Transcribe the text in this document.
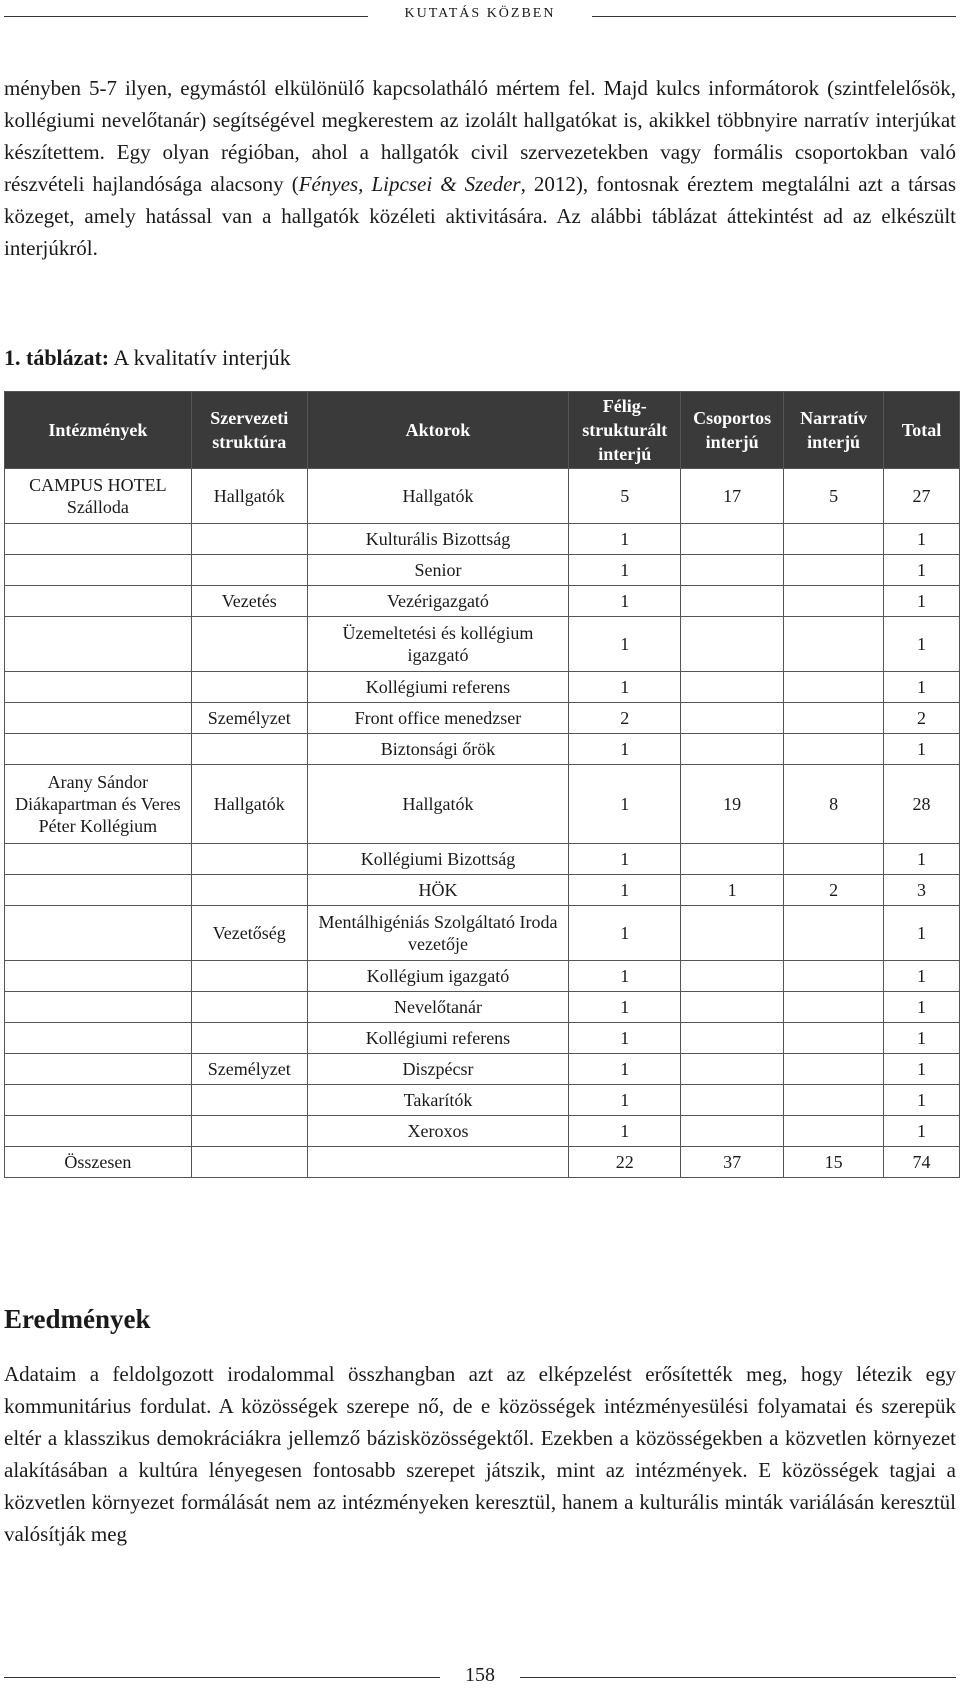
KUTATÁS KÖZBEN

ményben 5-7 ilyen, egymástól elkülönülő kapcsolatháló mértem fel. Majd kulcs informátorok (szintfelelősök, kollégiumi nevelőtanár) segítségével megkerestem az izolált hallgatókat is, akikkel többnyire narratív interjúkat készítettem. Egy olyan régióban, ahol a hallgatók civil szervezetekben vagy formális csoportokban való részvételi hajlandósága alacsony (Fényes, Lipcsei & Szeder, 2012), fontosnak éreztem megtalálni azt a társas közeget, amely hatással van a hallgatók közéleti aktivitására. Az alábbi táblázat áttekintést ad az elkészült interjúkról.

1. táblázat: A kvalitatív interjúk

Intézmények	Szervezeti struktúra	Aktorok	Félig-strukturált interjú	Csoportos interjú	Narratív interjú	Total
CAMPUS HOTEL Szálloda	Hallgatók	Hallgatók	5	17	5	27
		Kulturális Bizottság	1			1
		Senior	1			1
	Vezetés	Vezérigazgató	1			1
		Üzemeltetési és kollégium igazgató	1			1
		Kollégiumi referens	1			1
	Személyzet	Front office menedzser	2			2
		Biztonsági őrök	1			1
Arany Sándor Diákapartman és Veres Péter Kollégium	Hallgatók	Hallgatók	1	19	8	28
		Kollégiumi Bizottság	1			1
		HÖK	1	1	2	3
	Vezetőség	Mentálhigéniás Szolgáltató Iroda vezetője	1			1
		Kollégium igazgató	1			1
		Nevelőtanár	1			1
		Kollégiumi referens	1			1
	Személyzet	Diszpécsr	1			1
		Takarítók	1			1
		Xeroxos	1			1
Összesen			22	37	15	74
Eredmények

Adataim a feldolgozott irodalommal összhangban azt az elképzelést erősítették meg, hogy létezik egy kommunitárius fordulat. A közösségek szerepe nő, de e közösségek intézményesülési folyamatai és szerepük eltér a klasszikus demokráciákra jellemző bázisközösségektől. Ezekben a közösségekben a közvetlen környezet alakításában a kultúra lényegesen fontosabb szerepet játszik, mint az intézmények. E közösségek tagjai a közvetlen környezet formálását nem az intézményeken keresztül, hanem a kulturális minták variálásán keresztül valósítják meg

158
